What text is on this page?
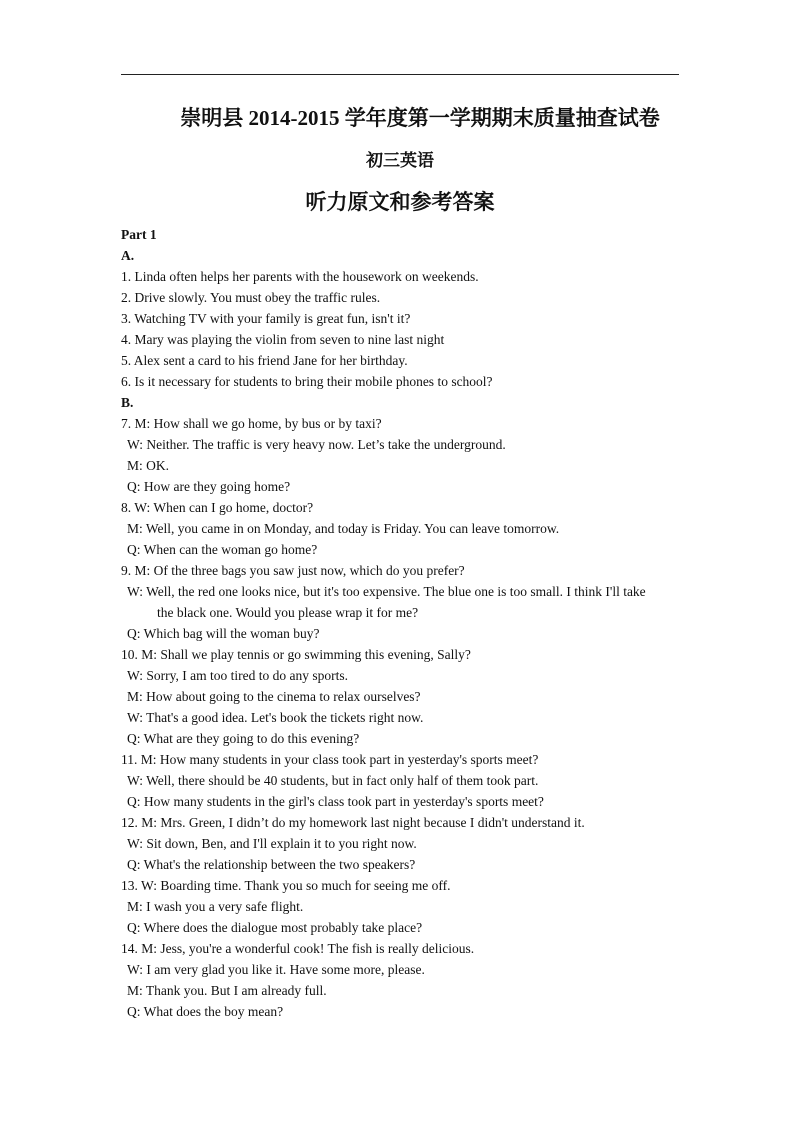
崇明县 2014-2015 学年度第一学期期末质量抽查试卷
初三英语
听力原文和参考答案
Part 1
A.
1. Linda often helps her parents with the housework on weekends.
2. Drive slowly. You must obey the traffic rules.
3. Watching TV with your family is great fun, isn't it?
4. Mary was playing the violin from seven to nine last night
5. Alex sent a card to his friend Jane for her birthday.
6. Is it necessary for students to bring their mobile phones to school?
B.
7. M: How shall we go home, by bus or by taxi?
W: Neither. The traffic is very heavy now. Let’s take the underground.
M: OK.
Q: How are they going home?
8. W: When can I go home, doctor?
M: Well, you came in on Monday, and today is Friday. You can leave tomorrow.
Q: When can the woman go home?
9. M: Of the three bags you saw just now, which do you prefer?
W: Well, the red one looks nice, but it's too expensive. The blue one is too small. I think I'll take
the black one. Would you please wrap it for me?
Q: Which bag will the woman buy?
10. M: Shall we play tennis or go swimming this evening, Sally?
W: Sorry, I am too tired to do any sports.
M: How about going to the cinema to relax ourselves?
W: That's a good idea. Let's book the tickets right now.
Q: What are they going to do this evening?
11. M: How many students in your class took part in yesterday's sports meet?
W: Well, there should be 40 students, but in fact only half of them took part.
Q: How many students in the girl's class took part in yesterday's sports meet?
12. M: Mrs. Green, I didn’t do my homework last night because I didn't understand it.
W: Sit down, Ben, and I'll explain it to you right now.
Q: What's the relationship between the two speakers?
13. W: Boarding time. Thank you so much for seeing me off.
M: I wash you a very safe flight.
Q: Where does the dialogue most probably take place?
14. M: Jess, you're a wonderful cook! The fish is really delicious.
W: I am very glad you like it. Have some more, please.
M: Thank you. But I am already full.
Q: What does the boy mean?
